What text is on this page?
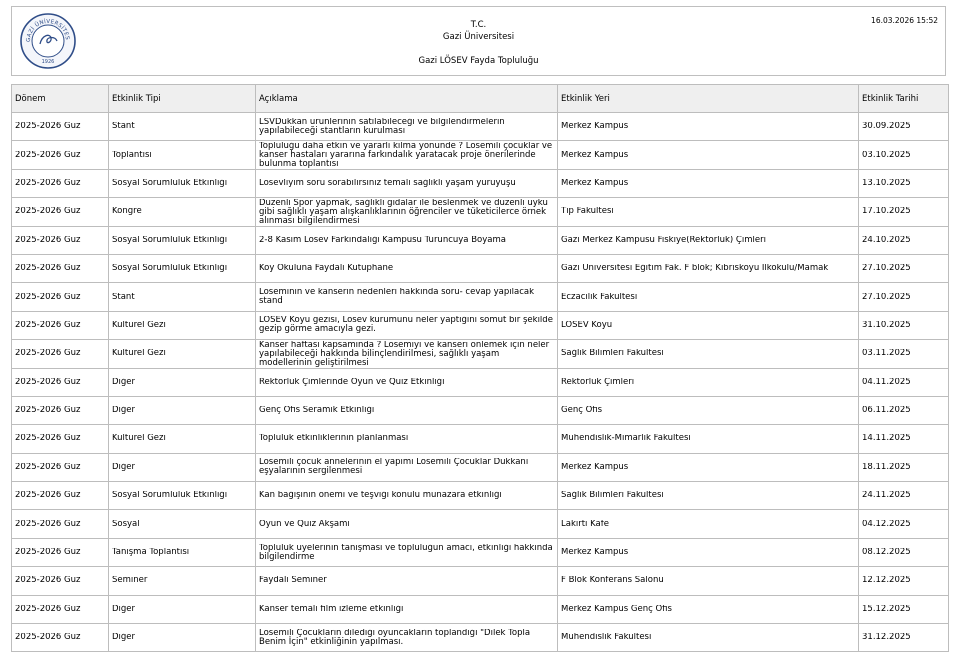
GAZİ ÜNİVERSİTES
1926
T.C.
Gazi Üniversitesi
Gazi LÖSEV Fayda Topluluğu
16.03.2026 15:52
Dönem	Etkinlik Tipi	Açıklama	Etkinlik Yeri	Etkinlik Tarihi

2025-2026 Güz	Stant	LSVDükkan ürünlerinin satılabileceği ve bilgilendirmelerin yapılabileceği stantların kurulması	Merkez Kampüs	30.09.2025

2025-2026 Güz	Toplantısı	Topluluğu daha etkin ve yararlı kılma yönünde ? Lösemili çocuklar ve kanser hastaları yararına farkındalık yaratacak proje önerilerinde bulunma toplantısı	Merkez Kampüs	03.10.2025

2025-2026 Güz	Sosyal Sorumluluk Etkinliği	Lösevliyim soru sorabilirsiniz temalı sağlıklı yaşam yürüyüşü	Merkez Kampüs	13.10.2025

2025-2026 Güz	Kongre	Düzenli Spor yapmak, sağlıklı gıdalar ile beslenmek ve düzenli uyku gibi sağlıklı yaşam alışkanlıklarının öğrenciler ve tüketicilerce örnek alınması bilgilendirmesi	Tıp Fakültesi	17.10.2025

2025-2026 Güz	Sosyal Sorumluluk Etkinliği	2-8 Kasım Lösev Farkındalığı Kampüsü Turuncuya Boyama	Gazi Merkez Kampüsü Fiskiye(Rektörlük) Çimleri	24.10.2025

2025-2026 Güz	Sosyal Sorumluluk Etkinliği	Köy Okuluna Faydalı Kütüphane	Gazi Üniversitesi Eğitim Fak. F blok; Kıbrısköyü İlkokulu/Mamak	27.10.2025

2025-2026 Güz	Stant	Löseminin ve kanserin nedenleri hakkında soru- cevap yapılacak stand	Eczacılık Fakültesi	27.10.2025

2025-2026 Güz	Kültürel Gezi	LÖSEV Köyü gezisi, Lösev kurumunu neler yaptığını somut bir şekilde gezip görme amacıyla gezi.	LÖSEV Köyü	31.10.2025

2025-2026 Güz	Kültürel Gezi	Kanser haftası kapsamında ? Lösemiyi ve kanseri önlemek için neler yapılabileceği hakkında bilinçlendirilmesi, sağlıklı yaşam modellerinin geliştirilmesi	Sağlık Bilimleri Fakültesi	03.11.2025

2025-2026 Güz	Diğer	Rektörlük Çimlerinde Oyun ve Quiz Etkinliği	Rektörlük Çimleri	04.11.2025

2025-2026 Güz	Diğer	Genç Ofis Seramik Etkinliği	Genç Ofis	06.11.2025

2025-2026 Güz	Kültürel Gezi	Topluluk etkinliklerinin planlanması	Mühendislik-Mimarlık Fakültesi	14.11.2025

2025-2026 Güz	Diğer	Lösemili çocuk annelerinin el yapımı Lösemili Çocuklar Dükkanı eşyalarının sergilenmesi	Merkez Kampüs	18.11.2025

2025-2026 Güz	Sosyal Sorumluluk Etkinliği	Kan bağışının önemi ve teşviği konulu münazara etkinliği	Sağlık Bilimleri Fakültesi	24.11.2025

2025-2026 Güz	Sosyal	Oyun ve Quiz Akşamı	Lakırtı Kafe	04.12.2025

2025-2026 Güz	Tanışma Toplantısı	Topluluk üyelerinin tanışması ve topluluğun amacı, etkinliği hakkında bilgilendirme	Merkez Kampüs	08.12.2025

2025-2026 Güz	Seminer	Faydalı Seminer	F Blok Konferans Salonu	12.12.2025

2025-2026 Güz	Diğer	Kanser temalı film izleme etkinliği	Merkez Kampüs Genç Ofis	15.12.2025

2025-2026 Güz	Diğer	Lösemili Çocukların dilediği oyuncakların toplandığı "Dilek Topla Benim İçin" etkinliğinin yapılması.	Mühendislik Fakültesi	31.12.2025
